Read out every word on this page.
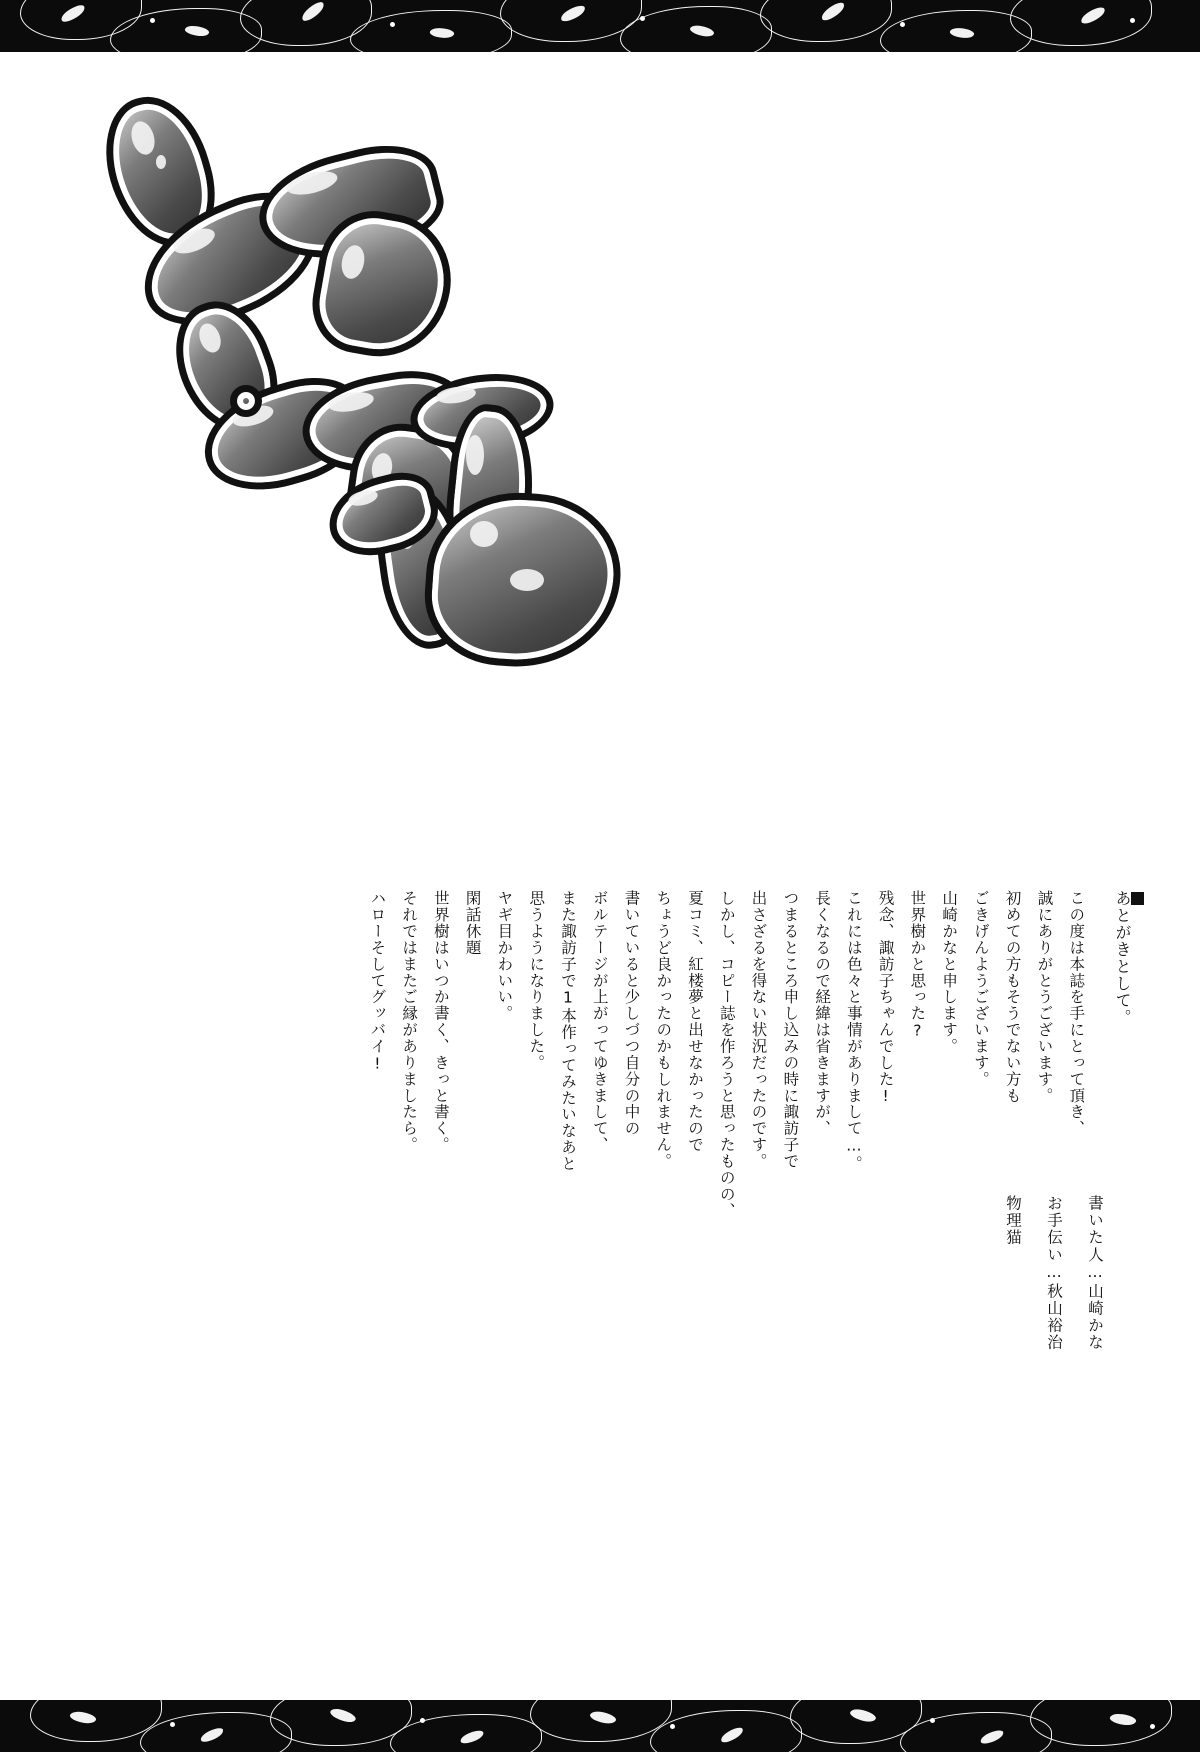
あとがきとして。
この度は本誌を手にとって頂き、
誠にありがとうございます。
初めての方もそうでない方も
ごきげんようございます。
山崎かなと申します。
世界樹かと思った?
残念、諏訪子ちゃんでした!
これには色々と事情がありまして…。
長くなるので経緯は省きますが、
つまるところ申し込みの時に諏訪子で
出さざるを得ない状況だったのです。
しかし、コピー誌を作ろうと思ったものの、
夏コミ、紅楼夢と出せなかったので
ちょうど良かったのかもしれません。
書いていると少しづつ自分の中の
ボルテージが上がってゆきまして、
また諏訪子で1本作ってみたいなあと
思うようになりました。
ヤギ目かわいい。
閑話休題
世界樹はいつか書く、きっと書く。
それではまたご縁がありましたら。
ハローそしてグッバイ!
書いた人…山崎かな
お手伝い…秋山裕治
物理猫
